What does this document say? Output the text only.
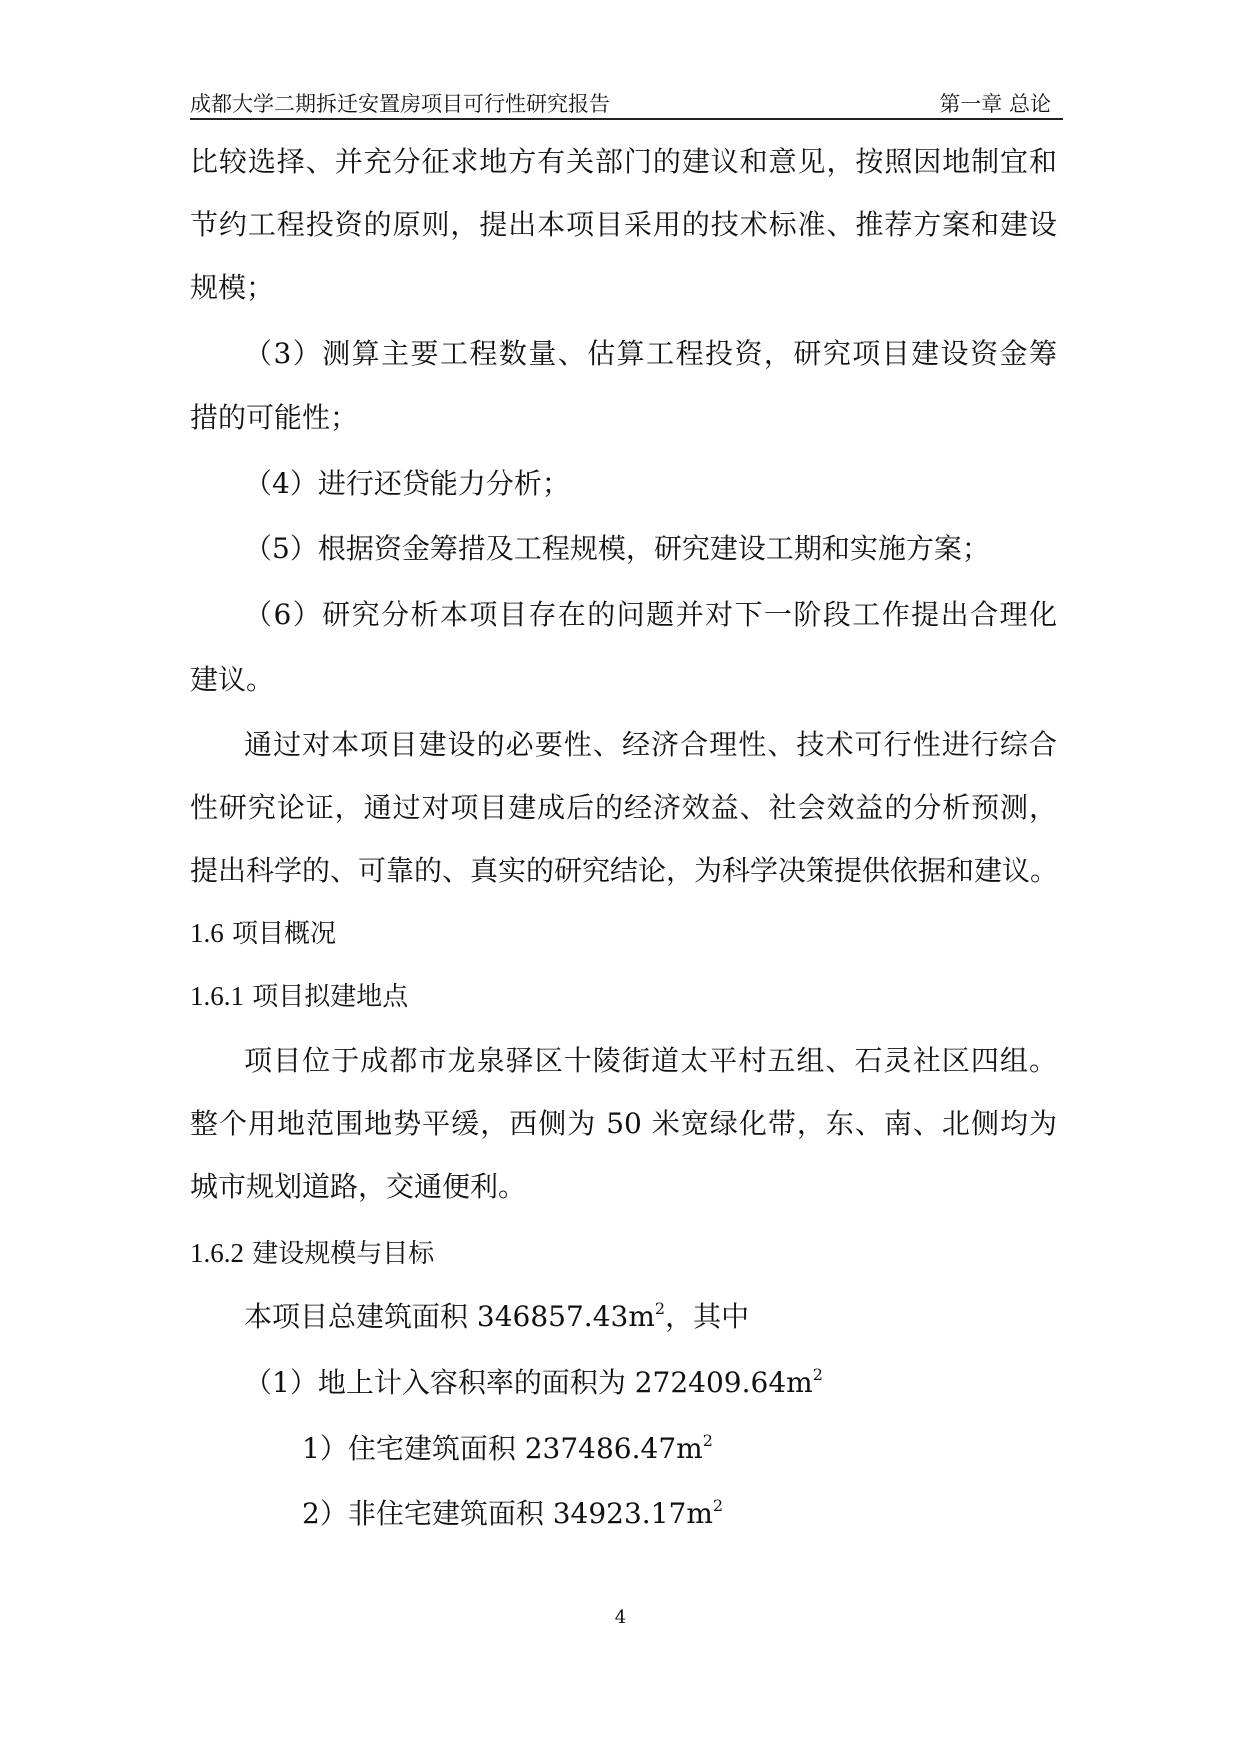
成都大学二期拆迁安置房项目可行性研究报告	第一章 总论
比较选择、并充分征求地方有关部门的建议和意见，按照因地制宜和
节约工程投资的原则，提出本项目采用的技术标准、推荐方案和建设
规模；
（3）测算主要工程数量、估算工程投资，研究项目建设资金筹
措的可能性；
（4）进行还贷能力分析；
（5）根据资金筹措及工程规模，研究建设工期和实施方案；
（6）研究分析本项目存在的问题并对下一阶段工作提出合理化
建议。
通过对本项目建设的必要性、经济合理性、技术可行性进行综合
性研究论证，通过对项目建成后的经济效益、社会效益的分析预测，
提出科学的、可靠的、真实的研究结论，为科学决策提供依据和建议。
1.6 项目概况
1.6.1 项目拟建地点
项目位于成都市龙泉驿区十陵街道太平村五组、石灵社区四组。
整个用地范围地势平缓，西侧为 50 米宽绿化带，东、南、北侧均为
城市规划道路，交通便利。
1.6.2 建设规模与目标
本项目总建筑面积 $346857.43m^2$，其中
（1）地上计入容积率的面积为 $272409.64m^2$
1）住宅建筑面积 $237486.47m^2$
2）非住宅建筑面积 $34923.17m^2$
4
